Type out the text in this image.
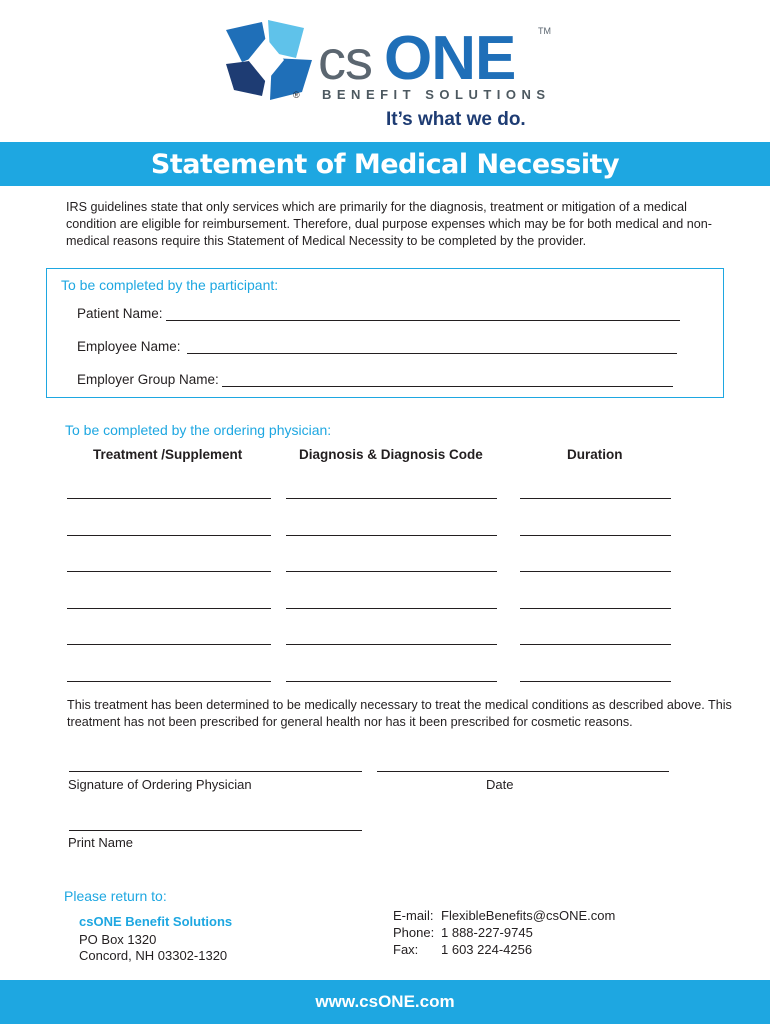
cs ONE	TM
® BENEFIT SOLUTIONS
It’s what we do.
Statement of Medical Necessity
IRS guidelines state that only services which are primarily for the diagnosis, treatment or mitigation of a medical condition are eligible for reimbursement. Therefore, dual purpose expenses which may be for both medical and non-medical reasons require this Statement of Medical Necessity to be completed by the provider.
To be completed by the participant:
Patient Name:
Employee Name:
Employer Group Name:
To be completed by the ordering physician:
Treatment /Supplement	Diagnosis & Diagnosis Code	Duration
This treatment has been determined to be medically necessary to treat the medical conditions as described above. This treatment has not been prescribed for general health nor has it been prescribed for cosmetic reasons.
Signature of Ordering Physician	Date
Print Name
Please return to:
csONE Benefit Solutions
PO Box 1320
Concord, NH 03302-1320
E-mail: FlexibleBenefits@csONE.com
Phone: 1 888-227-9745
Fax: 1 603 224-4256
www.csONE.com
